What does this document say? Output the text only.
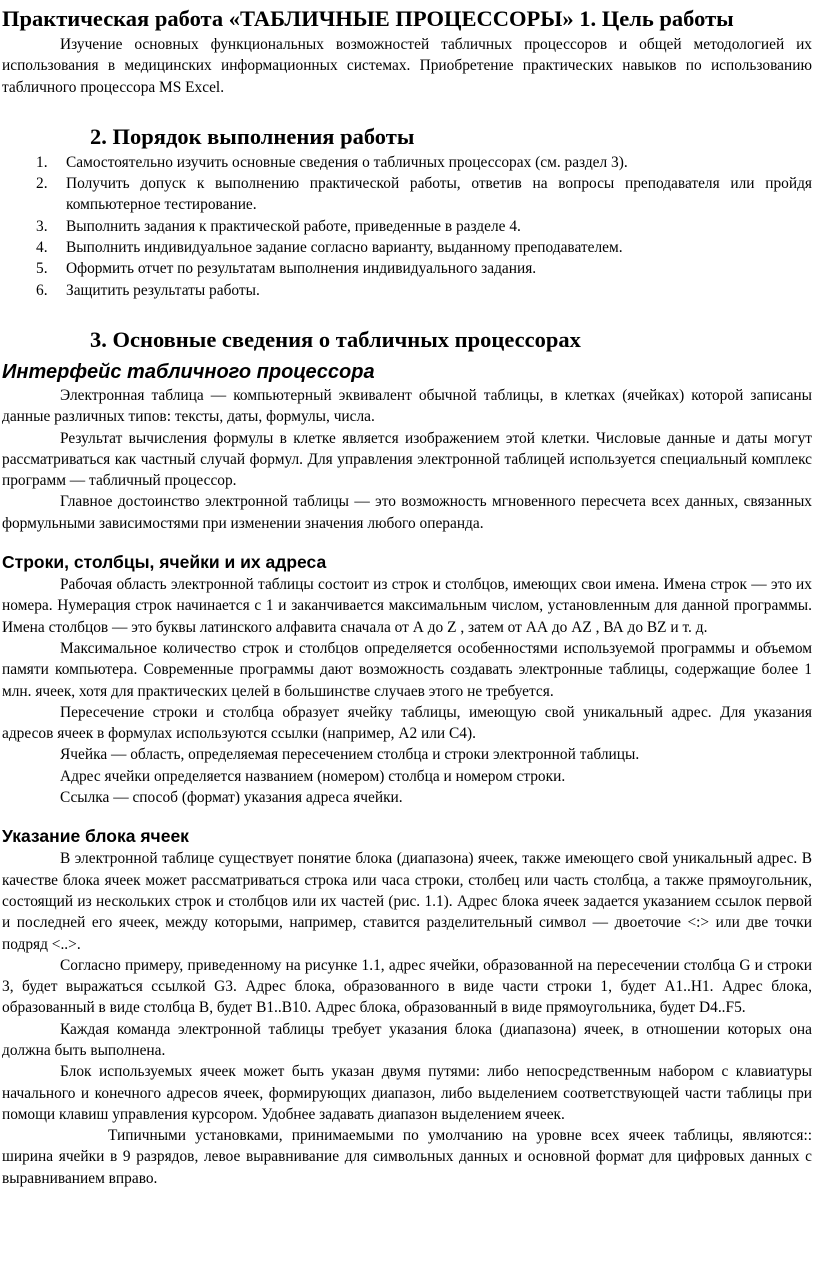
Практическая работа «ТАБЛИЧНЫЕ ПРОЦЕССОРЫ» 1. Цель работы

Изучение основных функциональных возможностей табличных процессоров и общей методологией их использования в медицинских информационных системах. Приобретение практических навыков по использованию табличного процессора MS Excel.

2. Порядок выполнения работы
1. Самостоятельно изучить основные сведения о табличных процессорах (см. раздел 3).
2. Получить допуск к выполнению практической работы, ответив на вопросы преподавателя или пройдя компьютерное тестирование.
3. Выполнить задания к практической работе, приведенные в разделе 4.
4. Выполнить индивидуальное задание согласно варианту, выданному преподавателем.
5. Оформить отчет по результатам выполнения индивидуального задания.
6. Защитить результаты работы.
3. Основные сведения о табличных процессорах
Интерфейс табличного процессора

Электронная таблица — компьютерный эквивалент обычной таблицы, в клетках (ячейках) которой записаны данные различных типов: тексты, даты, формулы, числа.

Результат вычисления формулы в клетке является изображением этой клетки. Числовые данные и даты могут рассматриваться как частный случай формул. Для управления электронной таблицей используется специальный комплекс программ — табличный процессор.

Главное достоинство электронной таблицы — это возможность мгновенного пересчета всех данных, связанных формульными зависимостями при изменении значения любого операнда.

Строки, столбцы, ячейки и их адреса

Рабочая область электронной таблицы состоит из строк и столбцов, имеющих свои имена. Имена строк — это их номера. Нумерация строк начинается с 1 и заканчивается максимальным числом, установленным для данной программы. Имена столбцов — это буквы латинского алфавита сначала от А до Z , затем от АА до AZ , ВА до BZ и т. д.

Максимальное количество строк и столбцов определяется особенностями используемой программы и объемом памяти компьютера. Современные программы дают возможность создавать электронные таблицы, содержащие более 1 млн. ячеек, хотя для практических целей в большинстве случаев этого не требуется.

Пересечение строки и столбца образует ячейку таблицы, имеющую свой уникальный адрес. Для указания адресов ячеек в формулах используются ссылки (например, А2 или C4).

Ячейка — область, определяемая пересечением столбца и строки электронной таблицы.

Адрес ячейки определяется названием (номером) столбца и номером строки.

Ссылка — способ (формат) указания адреса ячейки.

Указание блока ячеек

В электронной таблице существует понятие блока (диапазона) ячеек, также имеющего свой уникальный адрес. В качестве блока ячеек может рассматриваться строка или часа строки, столбец или часть столбца, а также прямоугольник, состоящий из нескольких строк и столбцов или их частей (рис. 1.1). Адрес блока ячеек задается указанием ссылок первой и последней его ячеек, между которыми, например, ставится разделительный символ — двоеточие <:> или две точки подряд <..>.

Согласно примеру, приведенному на рисунке 1.1, адрес ячейки, образованной на пересечении столбца G и строки 3, будет выражаться ссылкой G3. Адрес блока, образованного в виде части строки 1, будет А1..Н1. Адрес блока, образованный в виде столбца В, будет В1..В10. Адрес блока, образованный в виде прямоугольника, будет D4..F5.

Каждая команда электронной таблицы требует указания блока (диапазона) ячеек, в отношении которых она должна быть выполнена.

Блок используемых ячеек может быть указан двумя путями: либо непосредственным набором с клавиатуры начального и конечного адресов ячеек, формирующих диапазон, либо выделением соответствующей части таблицы при помощи клавиш управления курсором. Удобнее задавать диапазон выделением ячеек.

Типичными установками, принимаемыми по умолчанию на уровне всех ячеек таблицы, являются:: ширина ячейки в 9 разрядов, левое выравнивание для символьных данных и основной формат для цифровых данных с выравниванием вправо.
